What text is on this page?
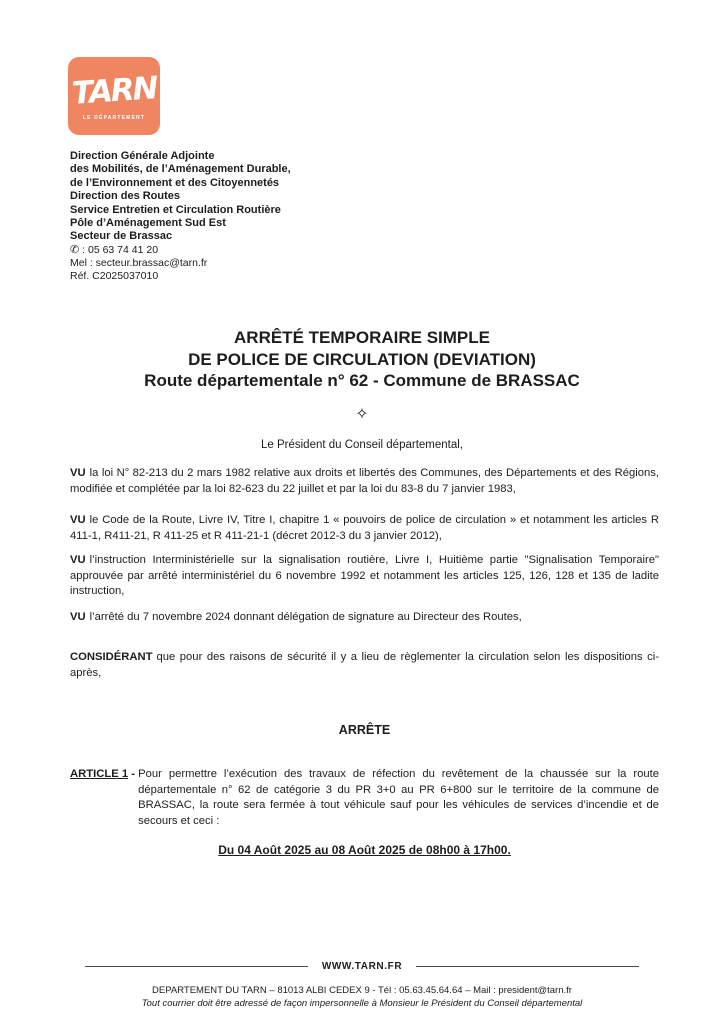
TARN
LE DÉPARTEMENT
Direction Générale Adjointe
des Mobilités, de l’Aménagement Durable,
de l’Environnement et des Citoyennetés
Direction des Routes
Service Entretien et Circulation Routière
Pôle d’Aménagement Sud Est
Secteur de Brassac
✆ : 05 63 74 41 20
Mel : secteur.brassac@tarn.fr
Réf. C2025037010
ARRÊTÉ TEMPORAIRE SIMPLE
DE POLICE DE CIRCULATION (DEVIATION)
Route départementale n° 62 - Commune de BRASSAC
✧
Le Président du Conseil départemental,

VU la loi N° 82-213 du 2 mars 1982 relative aux droits et libertés des Communes, des Départements et des Régions, modifiée et complétée par la loi 82-623 du 22 juillet et par la loi du 83-8 du 7 janvier 1983,

VU le Code de la Route, Livre IV, Titre I, chapitre 1 « pouvoirs de police de circulation » et notamment les articles R 411-1, R411-21, R 411-25 et R 411-21-1 (décret 2012-3 du 3 janvier 2012),

VU l’instruction Interministérielle sur la signalisation routière, Livre I, Huitième partie "Signalisation Temporaire" approuvée par arrêté interministériel du 6 novembre 1992 et notamment les articles 125, 126, 128 et 135 de ladite instruction,

VU l’arrêté du 7 novembre 2024 donnant délégation de signature au Directeur des Routes,

CONSIDÉRANT que pour des raisons de sécurité il y a lieu de règlementer la circulation selon les dispositions ci-après,

ARRÊTE
ARTICLE 1 - Pour permettre l’exécution des travaux de réfection du revêtement de la chaussée sur la route départementale n° 62 de catégorie 3 du PR 3+0 au PR 6+800 sur le territoire de la commune de BRASSAC, la route sera fermée à tout véhicule sauf pour les véhicules de services d’incendie et de secours et ceci :
Du 04 Août 2025 au 08 Août 2025 de 08h00 à 17h00.
WWW.TARN.FR
DEPARTEMENT DU TARN – 81013 ALBI CEDEX 9 - Tél : 05.63.45.64.64 – Mail : president@tarn.fr
Tout courrier doit être adressé de façon impersonnelle à Monsieur le Président du Conseil départemental
